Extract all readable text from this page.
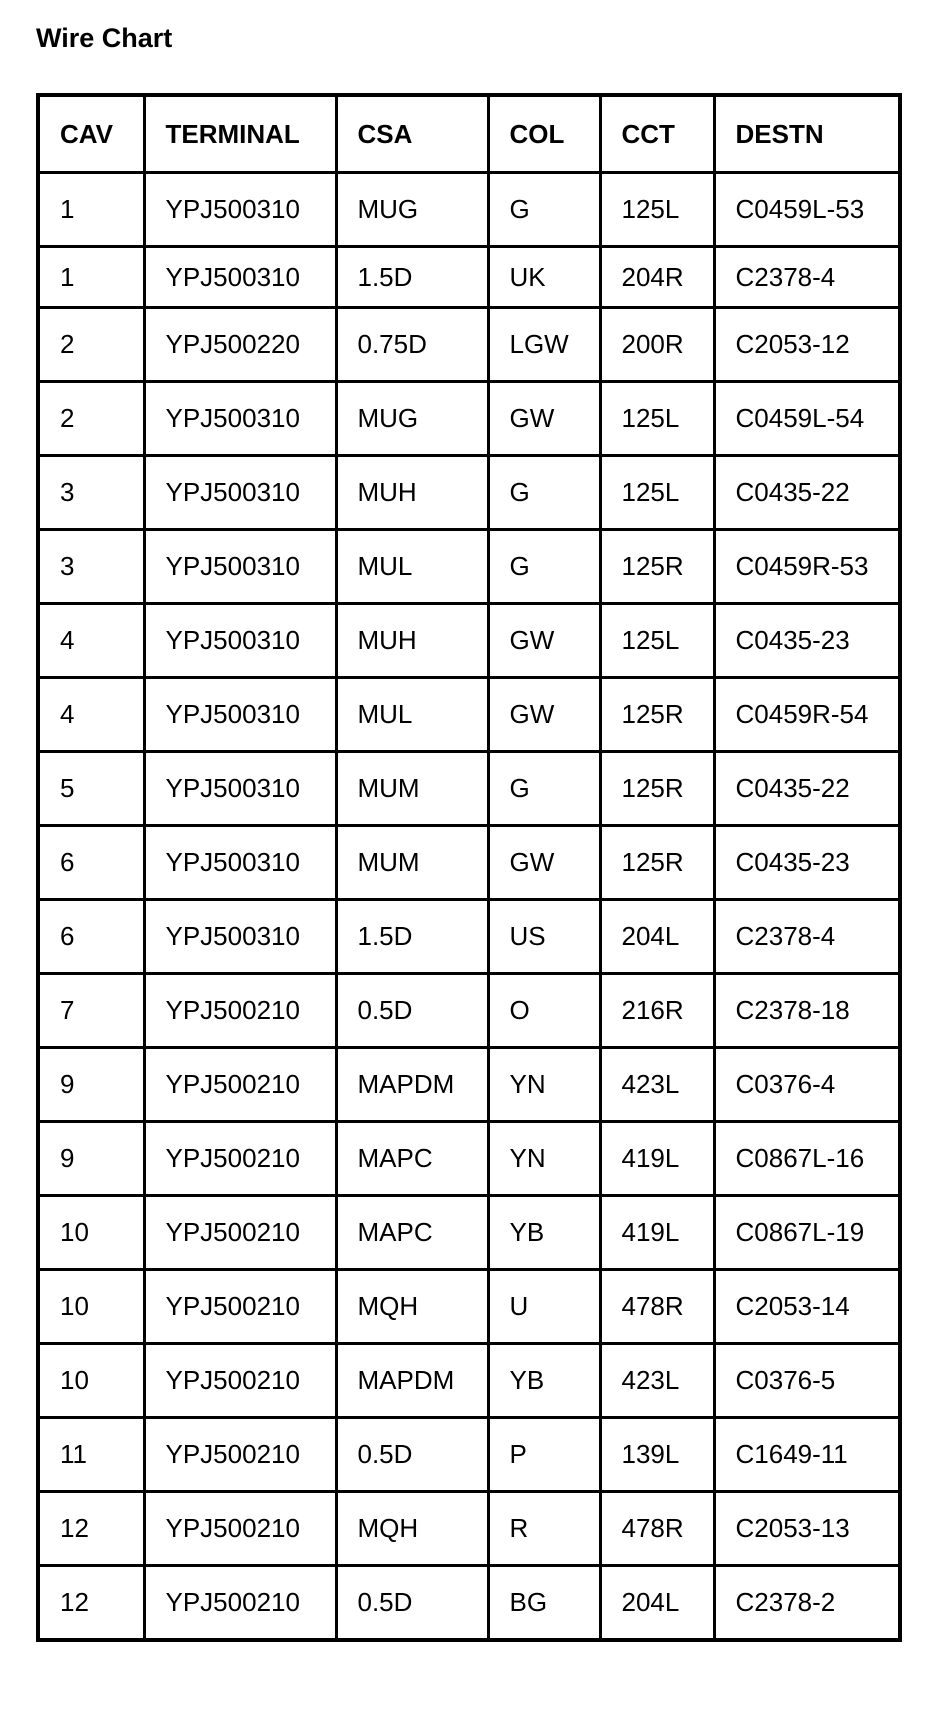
Wire Chart
CAV	TERMINAL	CSA	COL	CCT	DESTN
1	YPJ500310	MUG	G	125L	C0459L-53
1	YPJ500310	1.5D	UK	204R	C2378-4
2	YPJ500220	0.75D	LGW	200R	C2053-12
2	YPJ500310	MUG	GW	125L	C0459L-54
3	YPJ500310	MUH	G	125L	C0435-22
3	YPJ500310	MUL	G	125R	C0459R-53
4	YPJ500310	MUH	GW	125L	C0435-23
4	YPJ500310	MUL	GW	125R	C0459R-54
5	YPJ500310	MUM	G	125R	C0435-22
6	YPJ500310	MUM	GW	125R	C0435-23
6	YPJ500310	1.5D	US	204L	C2378-4
7	YPJ500210	0.5D	O	216R	C2378-18
9	YPJ500210	MAPDM	YN	423L	C0376-4
9	YPJ500210	MAPC	YN	419L	C0867L-16
10	YPJ500210	MAPC	YB	419L	C0867L-19
10	YPJ500210	MQH	U	478R	C2053-14
10	YPJ500210	MAPDM	YB	423L	C0376-5
11	YPJ500210	0.5D	P	139L	C1649-11
12	YPJ500210	MQH	R	478R	C2053-13
12	YPJ500210	0.5D	BG	204L	C2378-2
